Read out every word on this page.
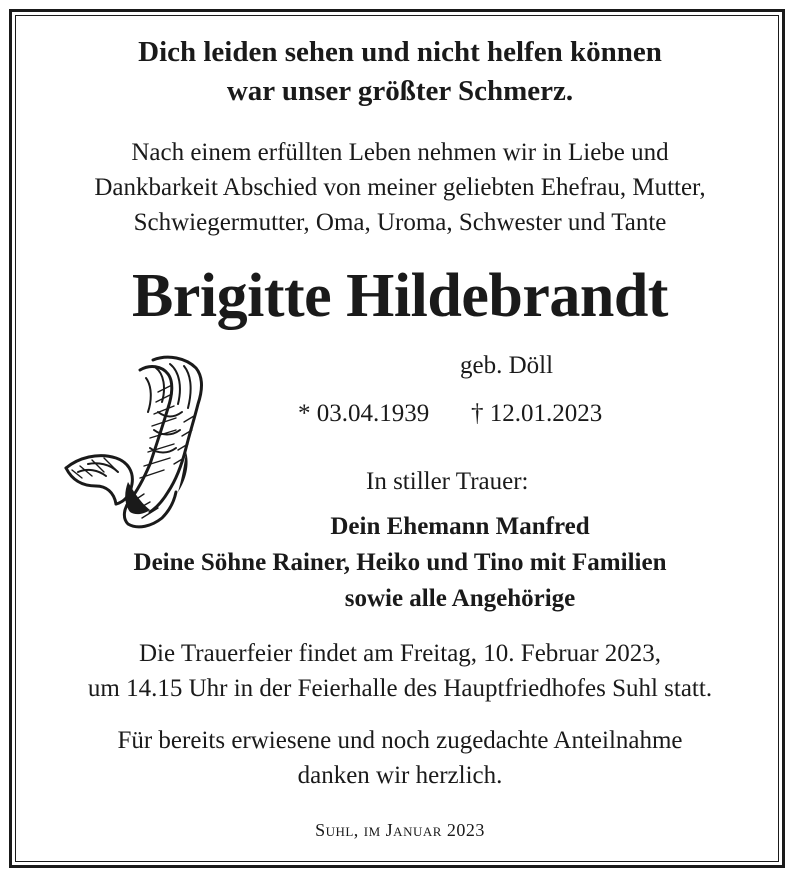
Dich leiden sehen und nicht helfen können
war unser größter Schmerz.
Nach einem erfüllten Leben nehmen wir in Liebe und
Dankbarkeit Abschied von meiner geliebten Ehefrau, Mutter,
Schwiegermutter, Oma, Uroma, Schwester und Tante
Brigitte Hildebrandt
geb. Döll
* 03.04.1939 † 12.01.2023
In stiller Trauer:
Dein Ehemann Manfred
Deine Söhne Rainer, Heiko und Tino mit Familien
sowie alle Angehörige
Die Trauerfeier findet am Freitag, 10. Februar 2023,
um 14.15 Uhr in der Feierhalle des Hauptfriedhofes Suhl statt.
Für bereits erwiesene und noch zugedachte Anteilnahme
danken wir herzlich.
Suhl, im Januar 2023
